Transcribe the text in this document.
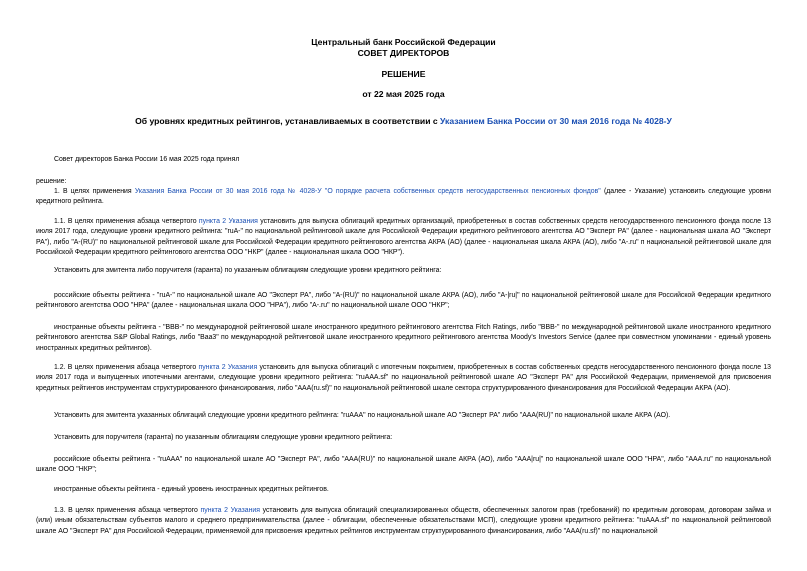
Центральный банк Российской Федерации
СОВЕТ ДИРЕКТОРОВ
РЕШЕНИЕ
от 22 мая 2025 года
Об уровнях кредитных рейтингов, устанавливаемых в соответствии с Указанием Банка России от 30 мая 2016 года № 4028-У
Совет директоров Банка России 16 мая 2025 года принял
решение:
1. В целях применения Указания Банка России от 30 мая 2016 года № 4028-У "О порядке расчета собственных средств негосударственных пенсионных фондов" (далее - Указание) установить следующие уровни кредитного рейтинга.
1.1. В целях применения абзаца четвертого пункта 2 Указания установить для выпуска облигаций кредитных организаций, приобретенных в состав собственных средств негосударственного пенсионного фонда после 13 июля 2017 года, следующие уровни кредитного рейтинга: "ruA-" по национальной рейтинговой шкале для Российской Федерации кредитного рейтингового агентства АО "Эксперт РА" (далее - национальная шкала АО "Эксперт РА"), либо "A-(RU)" по национальной рейтинговой шкале для Российской Федерации кредитного рейтингового агентства АКРА (АО) (далее - национальная шкала АКРА (АО), либо "A-.ru" п национальной рейтинговой шкале для Российской Федерации кредитного рейтингового агентства ООО "НКР" (далее - национальная шкала ООО "НКР").
Установить для эмитента либо поручителя (гаранта) по указанным облигациям следующие уровни кредитного рейтинга:
российские объекты рейтинга - "ruA-" по национальной шкале АО "Эксперт РА", либо "A-(RU)" по национальной шкале АКРА (АО), либо "A-|ru|" по национальной рейтинговой шкале для Российской Федерации кредитного рейтингового агентства ООО "НРА" (далее - национальная шкала ООО "НРА"), либо "A-.ru" по национальной шкале ООО "НКР";
иностранные объекты рейтинга - "BBB-" по международной рейтинговой шкале иностранного кредитного рейтингового агентства Fitch Ratings, либо "BBB-" по международной рейтинговой шкале иностранного кредитного рейтингового агентства S&P Global Ratings, либо "Baa3" по международной рейтинговой шкале иностранного кредитного рейтингового агентства Moody's Investors Service (далее при совместном упоминании - единый уровень иностранных кредитных рейтингов).
1.2. В целях применения абзаца четвертого пункта 2 Указания установить для выпуска облигаций с ипотечным покрытием, приобретенных в состав собственных средств негосударственного пенсионного фонда после 13 июля 2017 года и выпущенных ипотечными агентами, следующие уровни кредитного рейтинга: "ruAAA.sf" по национальной рейтинговой шкале АО "Эксперт РА" для Российской Федерации, применяемой для присвоения кредитных рейтингов инструментам структурированного финансирования, либо "AAA(ru.sf)" по национальной рейтинговой шкале сектора структурированного финансирования для Российской Федерации АКРА (АО).
Установить для эмитента указанных облигаций следующие уровни кредитного рейтинга: "ruAAA" по национальной шкале АО "Эксперт РА" либо "AAA(RU)" по национальной шкале АКРА (АО).
Установить для поручителя (гаранта) по указанным облигациям следующие уровни кредитного рейтинга:
российские объекты рейтинга - "ruAAA" по национальной шкале АО "Эксперт РА", либо "AAA(RU)" по национальной шкале АКРА (АО), либо "AAA|ru|" по национальной шкале ООО "НРА", либо "AAA.ru" по национальной шкале ООО "НКР";
иностранные объекты рейтинга - единый уровень иностранных кредитных рейтингов.
1.3. В целях применения абзаца четвертого пункта 2 Указания установить для выпуска облигаций специализированных обществ, обеспеченных залогом прав (требований) по кредитным договорам, договорам займа и (или) иным обязательствам субъектов малого и среднего предпринимательства (далее - облигации, обеспеченные обязательствами МСП), следующие уровни кредитного рейтинга: "ruAAA.sf" по национальной рейтинговой шкале АО "Эксперт РА" для Российской Федерации, применяемой для присвоения кредитных рейтингов инструментам структурированного финансирования, либо "AAA(ru.sf)" по национальной
